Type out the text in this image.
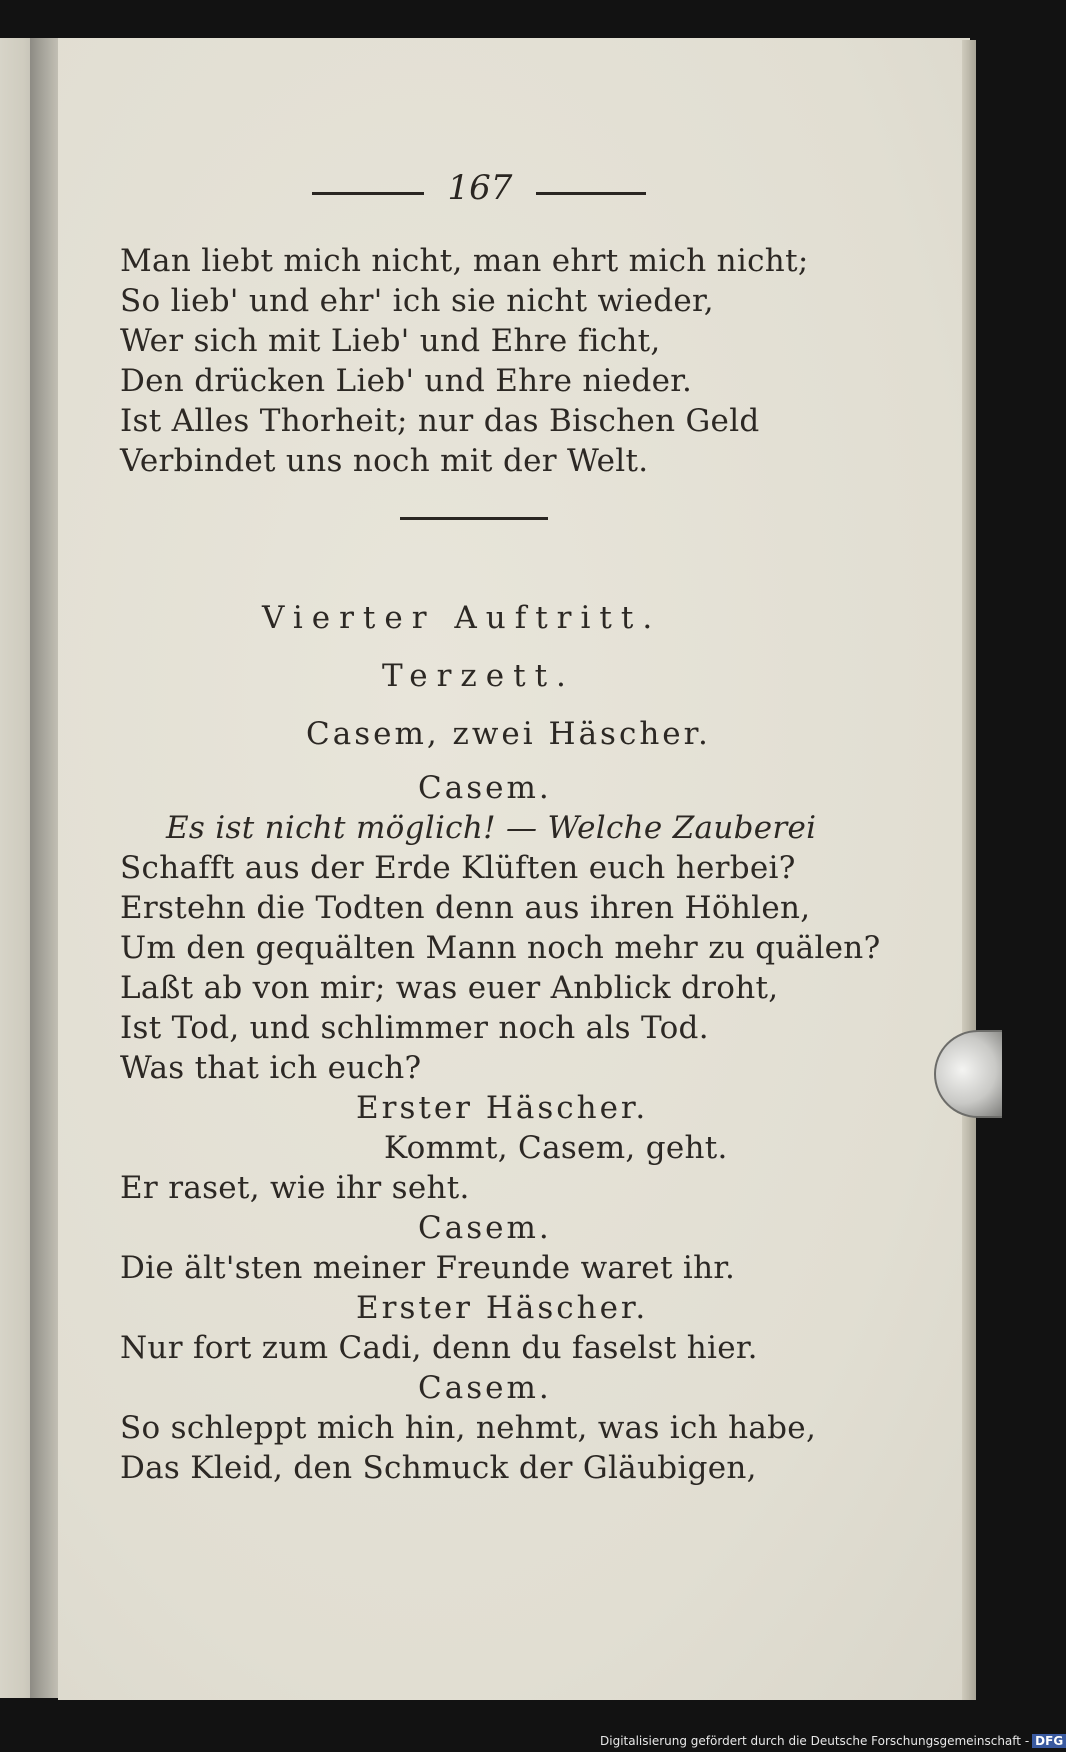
167
Man liebt mich nicht, man ehrt mich nicht;
So lieb' und ehr' ich sie nicht wieder,
Wer sich mit Lieb' und Ehre ficht,
Den drücken Lieb' und Ehre nieder.
Ist Alles Thorheit; nur das Bischen Geld
Verbindet uns noch mit der Welt.
Vierter Auftritt.
Terzett.
Casem, zwei Häscher.
Casem.
Es ist nicht möglich! — Welche Zauberei
Schafft aus der Erde Klüften euch herbei?
Erstehn die Todten denn aus ihren Höhlen,
Um den gequälten Mann noch mehr zu quälen?
Laßt ab von mir; was euer Anblick droht,
Ist Tod, und schlimmer noch als Tod.
Was that ich euch?
Erster Häscher.
Kommt, Casem, geht.
Er raset, wie ihr seht.
Casem.
Die ält'sten meiner Freunde waret ihr.
Erster Häscher.
Nur fort zum Cadi, denn du faselst hier.
Casem.
So schleppt mich hin, nehmt, was ich habe,
Das Kleid, den Schmuck der Gläubigen,
Digitalisierung gefördert durch die Deutsche Forschungsgemeinschaft - DFG
